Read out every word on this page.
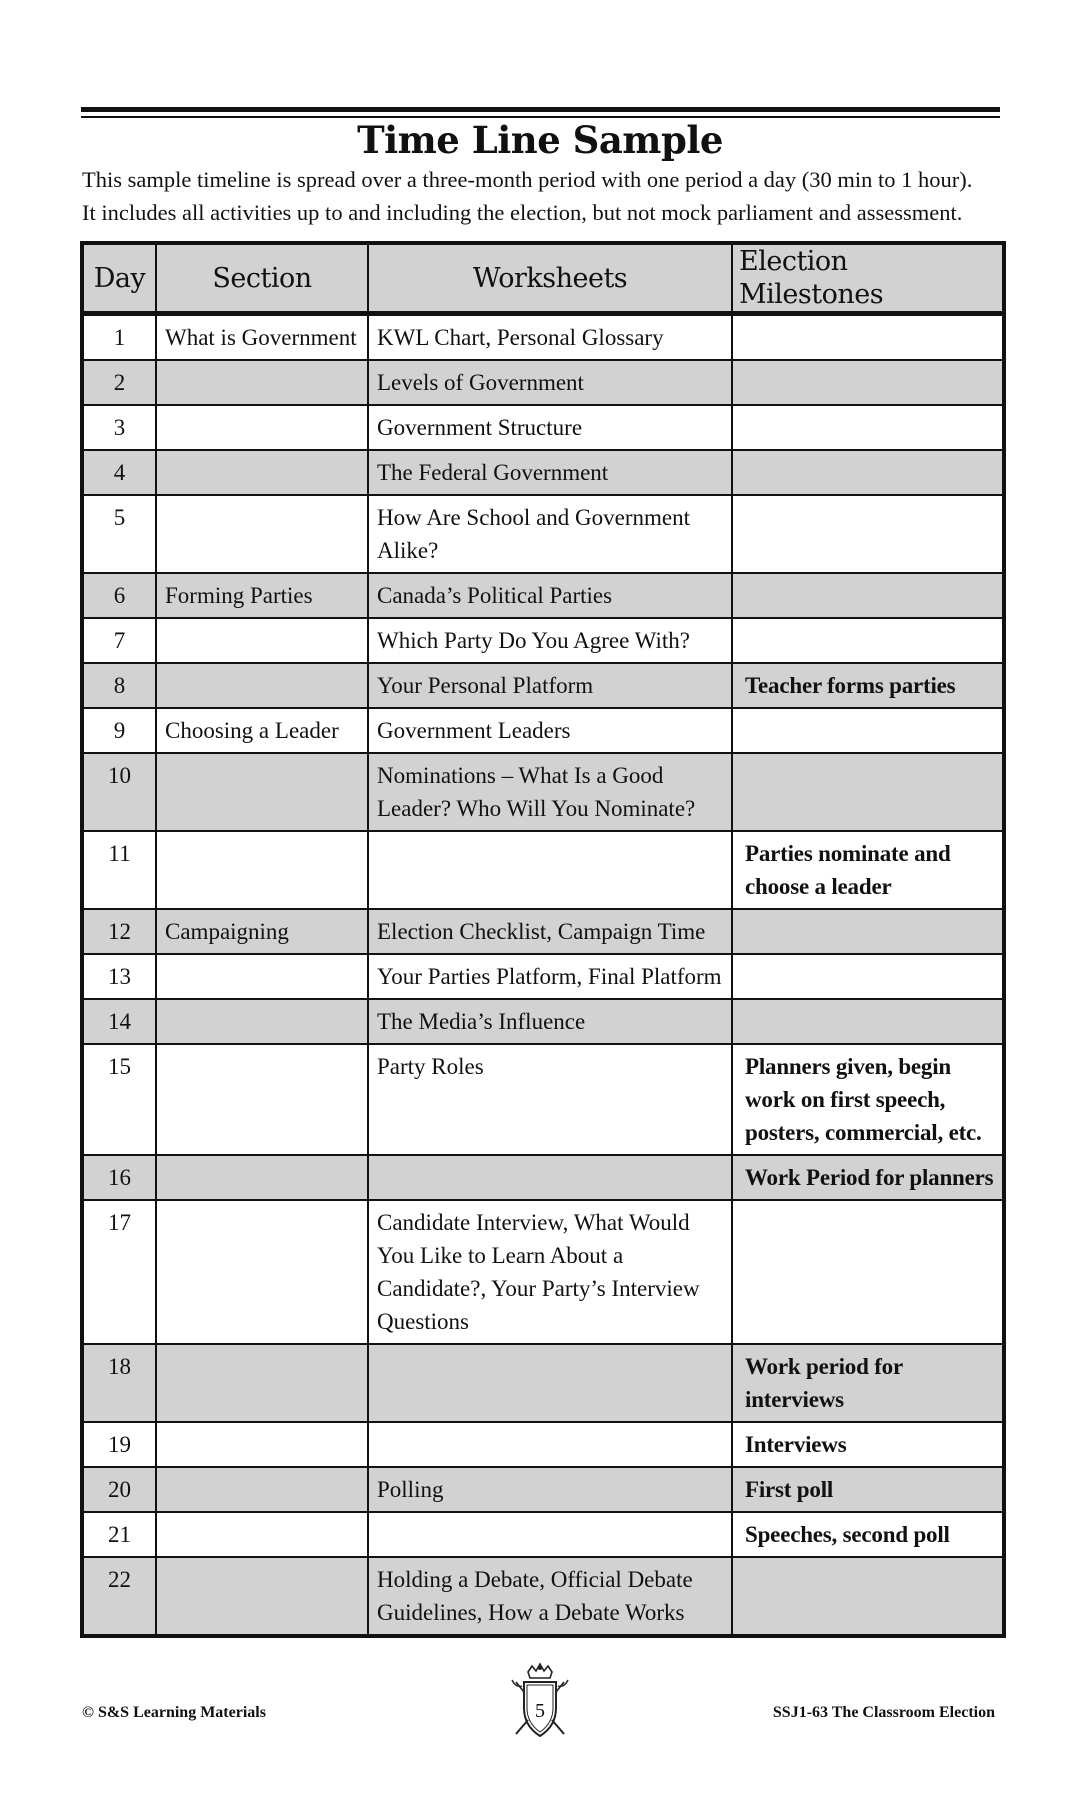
Time Line Sample

This sample timeline is spread over a three-month period with one period a day (30 min to 1 hour).

It includes all activities up to and including the election, but not mock parliament and assessment.

Day	Section	Worksheets	Election Milestones
1	What is Government	KWL Chart, Personal Glossary	
2		Levels of Government	
3		Government Structure	
4		The Federal Government	
5		How Are School and Government Alike?	
6	Forming Parties	Canada’s Political Parties	
7		Which Party Do You Agree With?	
8		Your Personal Platform	Teacher forms parties
9	Choosing a Leader	Government Leaders	
10		Nominations – What Is a Good Leader? Who Will You Nominate?	
11			Parties nominate and choose a leader
12	Campaigning	Election Checklist, Campaign Time	
13		Your Parties Platform, Final Platform	
14		The Media’s Influence	
15		Party Roles	Planners given, begin work on first speech, posters, commercial, etc.
16			Work Period for planners
17		Candidate Interview, What Would You Like to Learn About a Candidate?, Your Party’s Interview Questions	
18			Work period for interviews
19			Interviews
20		Polling	First poll
21			Speeches, second poll
22		Holding a Debate, Official Debate Guidelines, How a Debate Works	
5
© S&S Learning Materials	SSJ1-63 The Classroom Election
